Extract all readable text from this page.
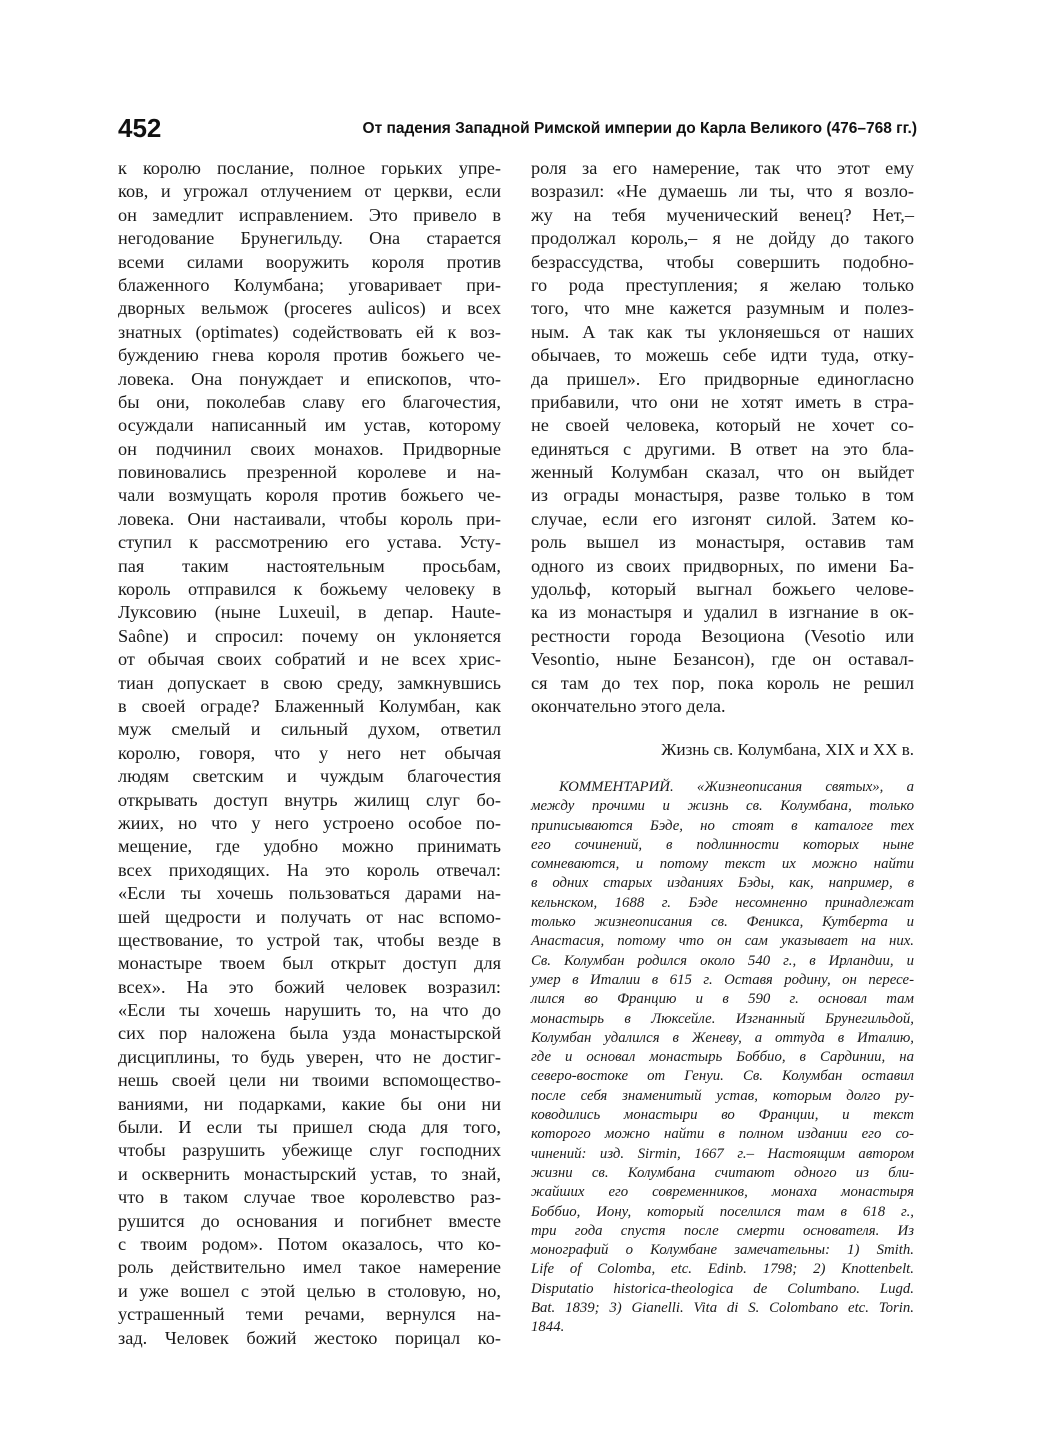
452	От падения Западной Римской империи до Карла Великого (476–768 гг.)
к королю послание, полное горьких упре-
ков, и угрожал отлучением от церкви, если
он замедлит исправлением. Это привело в
негодование Брунегильду. Она старается
всеми силами вооружить короля против
блаженного Колумбана; уговаривает при-
дворных вельмож (proceres aulicos) и всех
знатных (optimates) содействовать ей к воз-
буждению гнева короля против божьего че-
ловека. Она понуждает и епископов, что-
бы они, поколебав славу его благочестия,
осуждали написанный им устав, которому
он подчинил своих монахов. Придворные
повиновались презренной королеве и на-
чали возмущать короля против божьего че-
ловека. Они настаивали, чтобы король при-
ступил к рассмотрению его устава. Усту-
пая таким настоятельным просьбам,
король отправился к божьему человеку в
Луксовию (ныне Luxeuil, в депар. Haute-
Saône) и спросил: почему он уклоняется
от обычая своих собратий и не всех хрис-
тиан допускает в свою среду, замкнувшись
в своей ограде? Блаженный Колумбан, как
муж смелый и сильный духом, ответил
королю, говоря, что у него нет обычая
людям светским и чуждым благочестия
открывать доступ внутрь жилищ слуг бо-
жиих, но что у него устроено особое по-
мещение, где удобно можно принимать
всех приходящих. На это король отвечал:
«Если ты хочешь пользоваться дарами на-
шей щедрости и получать от нас вспомо-
ществование, то устрой так, чтобы везде в
монастыре твоем был открыт доступ для
всех». На это божий человек возразил:
«Если ты хочешь нарушить то, на что до
сих пор наложена была узда монастырской
дисциплины, то будь уверен, что не достиг-
нешь своей цели ни твоими вспомощество-
ваниями, ни подарками, какие бы они ни
были. И если ты пришел сюда для того,
чтобы разрушить убежище слуг господних
и осквернить монастырский устав, то знай,
что в таком случае твое королевство раз-
рушится до основания и погибнет вместе
с твоим родом». Потом оказалось, что ко-
роль действительно имел такое намерение
и уже вошел с этой целью в столовую, но,
устрашенный теми речами, вернулся на-
зад. Человек божий жестоко порицал ко-
роля за его намерение, так что этот ему
возразил: «Не думаешь ли ты, что я возло-
жу на тебя мученический венец? Нет,–
продолжал король,– я не дойду до такого
безрассудства, чтобы совершить подобно-
го рода преступления; я желаю только
того, что мне кажется разумным и полез-
ным. А так как ты уклоняешься от наших
обычаев, то можешь себе идти туда, отку-
да пришел». Его придворные единогласно
прибавили, что они не хотят иметь в стра-
не своей человека, который не хочет со-
единяться с другими. В ответ на это бла-
женный Колумбан сказал, что он выйдет
из ограды монастыря, разве только в том
случае, если его изгонят силой. Затем ко-
роль вышел из монастыря, оставив там
одного из своих придворных, по имени Ба-
удольф, который выгнал божьего челове-
ка из монастыря и удалил в изгнание в ок-
рестности города Везоциона (Vesotio или
Vesontio, ныне Безансон), где он оставал-
ся там до тех пор, пока король не решил
окончательно этого дела.
Жизнь св. Колумбана, XIX и XX в.
КОММЕНТАРИЙ. «Жизнеописания святых», а
между прочими и жизнь св. Колумбана, только
приписываются Бэде, но стоят в каталоге тех
его сочинений, в подлинности которых ныне
сомневаются, и потому текст их можно найти
в одних старых изданиях Бэды, как, например, в
кельнском, 1688 г. Бэде несомненно принадлежат
только жизнеописания св. Феникса, Кутберта и
Анастасия, потому что он сам указывает на них.
Св. Колумбан родился около 540 г., в Ирландии, и
умер в Италии в 615 г. Оставя родину, он пересе-
лился во Францию и в 590 г. основал там
монастырь в Люксейле. Изгнанный Брунегильдой,
Колумбан удалился в Женеву, а оттуда в Италию,
где и основал монастырь Боббио, в Сардинии, на
северо-востоке от Генуи. Св. Колумбан оставил
после себя знаменитый устав, которым долго ру-
ководились монастыри во Франции, и текст
которого можно найти в полном издании его со-
чинений: изд. Sirmin, 1667 г.– Настоящим автором
жизни св. Колумбана считают одного из бли-
жайших его современников, монаха монастыря
Боббио, Иону, который поселился там в 618 г.,
три года спустя после смерти основателя. Из
монографий о Колумбане замечательны: 1) Smith.
Life of Colomba, etc. Edinb. 1798; 2) Knottenbelt.
Disputatio historica-theologica de Columbano. Lugd.
Bat. 1839; 3) Gianelli. Vita di S. Colombano etc. Torin.
1844.
